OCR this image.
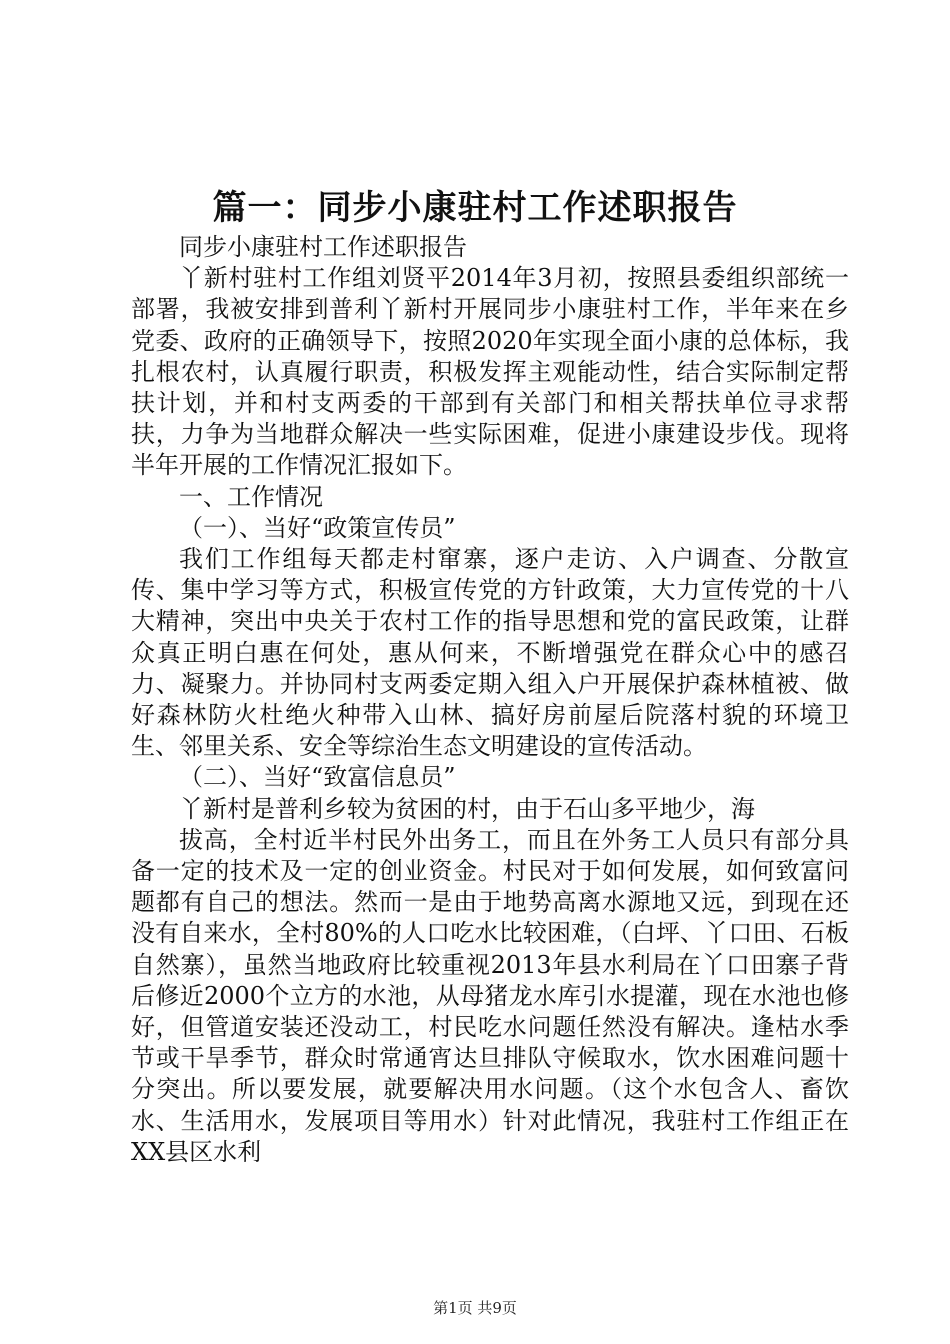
篇一：同步小康驻村工作述职报告

同步小康驻村工作述职报告

丫新村驻村工作组刘贤平2014年3月初，按照县委组织部统一部署，我被安排到普利丫新村开展同步小康驻村工作，半年来在乡党委、政府的正确领导下，按照2020年实现全面小康的总体标，我扎根农村，认真履行职责，积极发挥主观能动性，结合实际制定帮扶计划，并和村支两委的干部到有关部门和相关帮扶单位寻求帮扶，力争为当地群众解决一些实际困难，促进小康建设步伐。现将半年开展的工作情况汇报如下。

一、工作情况

（一）、当好“政策宣传员”

我们工作组每天都走村窜寨，逐户走访、入户调查、分散宣传、集中学习等方式，积极宣传党的方针政策，大力宣传党的十八大精神，突出中央关于农村工作的指导思想和党的富民政策，让群众真正明白惠在何处，惠从何来，不断增强党在群众心中的感召力、凝聚力。并协同村支两委定期入组入户开展保护森林植被、做好森林防火杜绝火种带入山林、搞好房前屋后院落村貌的环境卫生、邻里关系、安全等综治生态文明建设的宣传活动。

（二）、当好“致富信息员”

丫新村是普利乡较为贫困的村，由于石山多平地少，海

拔高，全村近半村民外出务工，而且在外务工人员只有部分具备一定的技术及一定的创业资金。村民对于如何发展，如何致富问题都有自己的想法。然而一是由于地势高离水源地又远，到现在还没有自来水，全村80%的人口吃水比较困难，（白坪、丫口田、石板自然寨），虽然当地政府比较重视2013年县水利局在丫口田寨子背后修近2000个立方的水池，从母猪龙水库引水提灌，现在水池也修好，但管道安装还没动工，村民吃水问题任然没有解决。逢枯水季节或干旱季节，群众时常通宵达旦排队守候取水，饮水困难问题十分突出。所以要发展，就要解决用水问题。（这个水包含人、畜饮水、生活用水，发展项目等用水）针对此情况，我驻村工作组正在XX县区水利

第1页 共9页
